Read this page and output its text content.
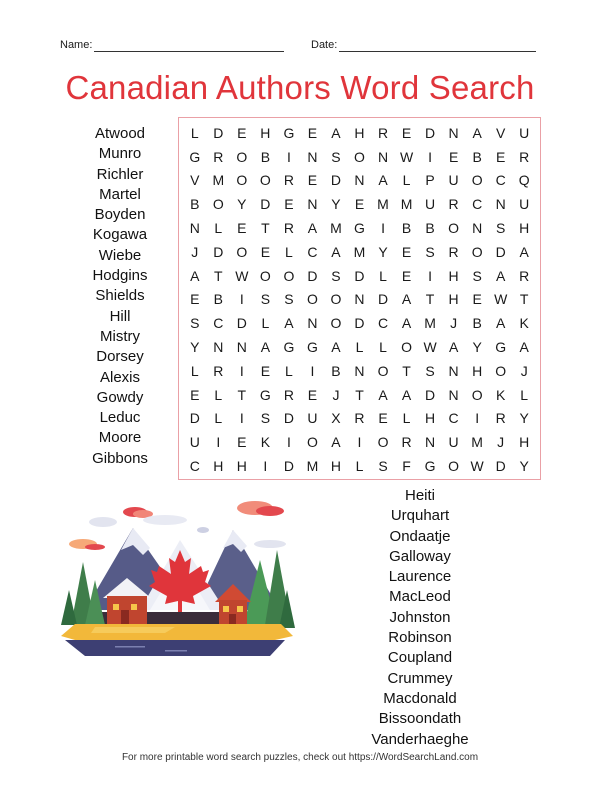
Name:	Date:
Canadian Authors Word Search
Atwood
Munro
Richler
Martel
Boyden
Kogawa
Wiebe
Hodgins
Shields
Hill
Mistry
Dorsey
Alexis
Gowdy
Leduc
Moore
Gibbons
L	D E H G E	A H R E D N A	V U
G R O B	I	N S O N W	I	E	B	E R
V M O O R E D N A	L	P U O C Q
B O Y D E N Y	E M M U R C N U
N	L	E	T	R A M G	I	B	B O N S H
J	D O E	L	C A M Y	E	S R O D A
A	T W O O D S D	L	E	I	H S	A R
E	B	I	S	S O O N D A	T	H E W T
S C D	L	A N O D C A M	J	B	A	K
Y N N A G G A	L	L	O W A	Y G A
L	R	I	E	L	I	B N O T	S N H O	J
E	L	T G R E	J	T	A	A D N O K	L
D	L	I	S D U X R E	L	H C	I	R Y
U	I	E	K	I	O A	I	O R N U M	J	H
C H H	I	D M H	L	S	F G O W D Y
Heiti
Urquhart
Ondaatje
Galloway
Laurence
MacLeod
Johnston
Robinson
Coupland
Crummey
Macdonald
Bissoondath
Vanderhaeghe
For more printable word search puzzles, check out https://WordSearchLand.com
